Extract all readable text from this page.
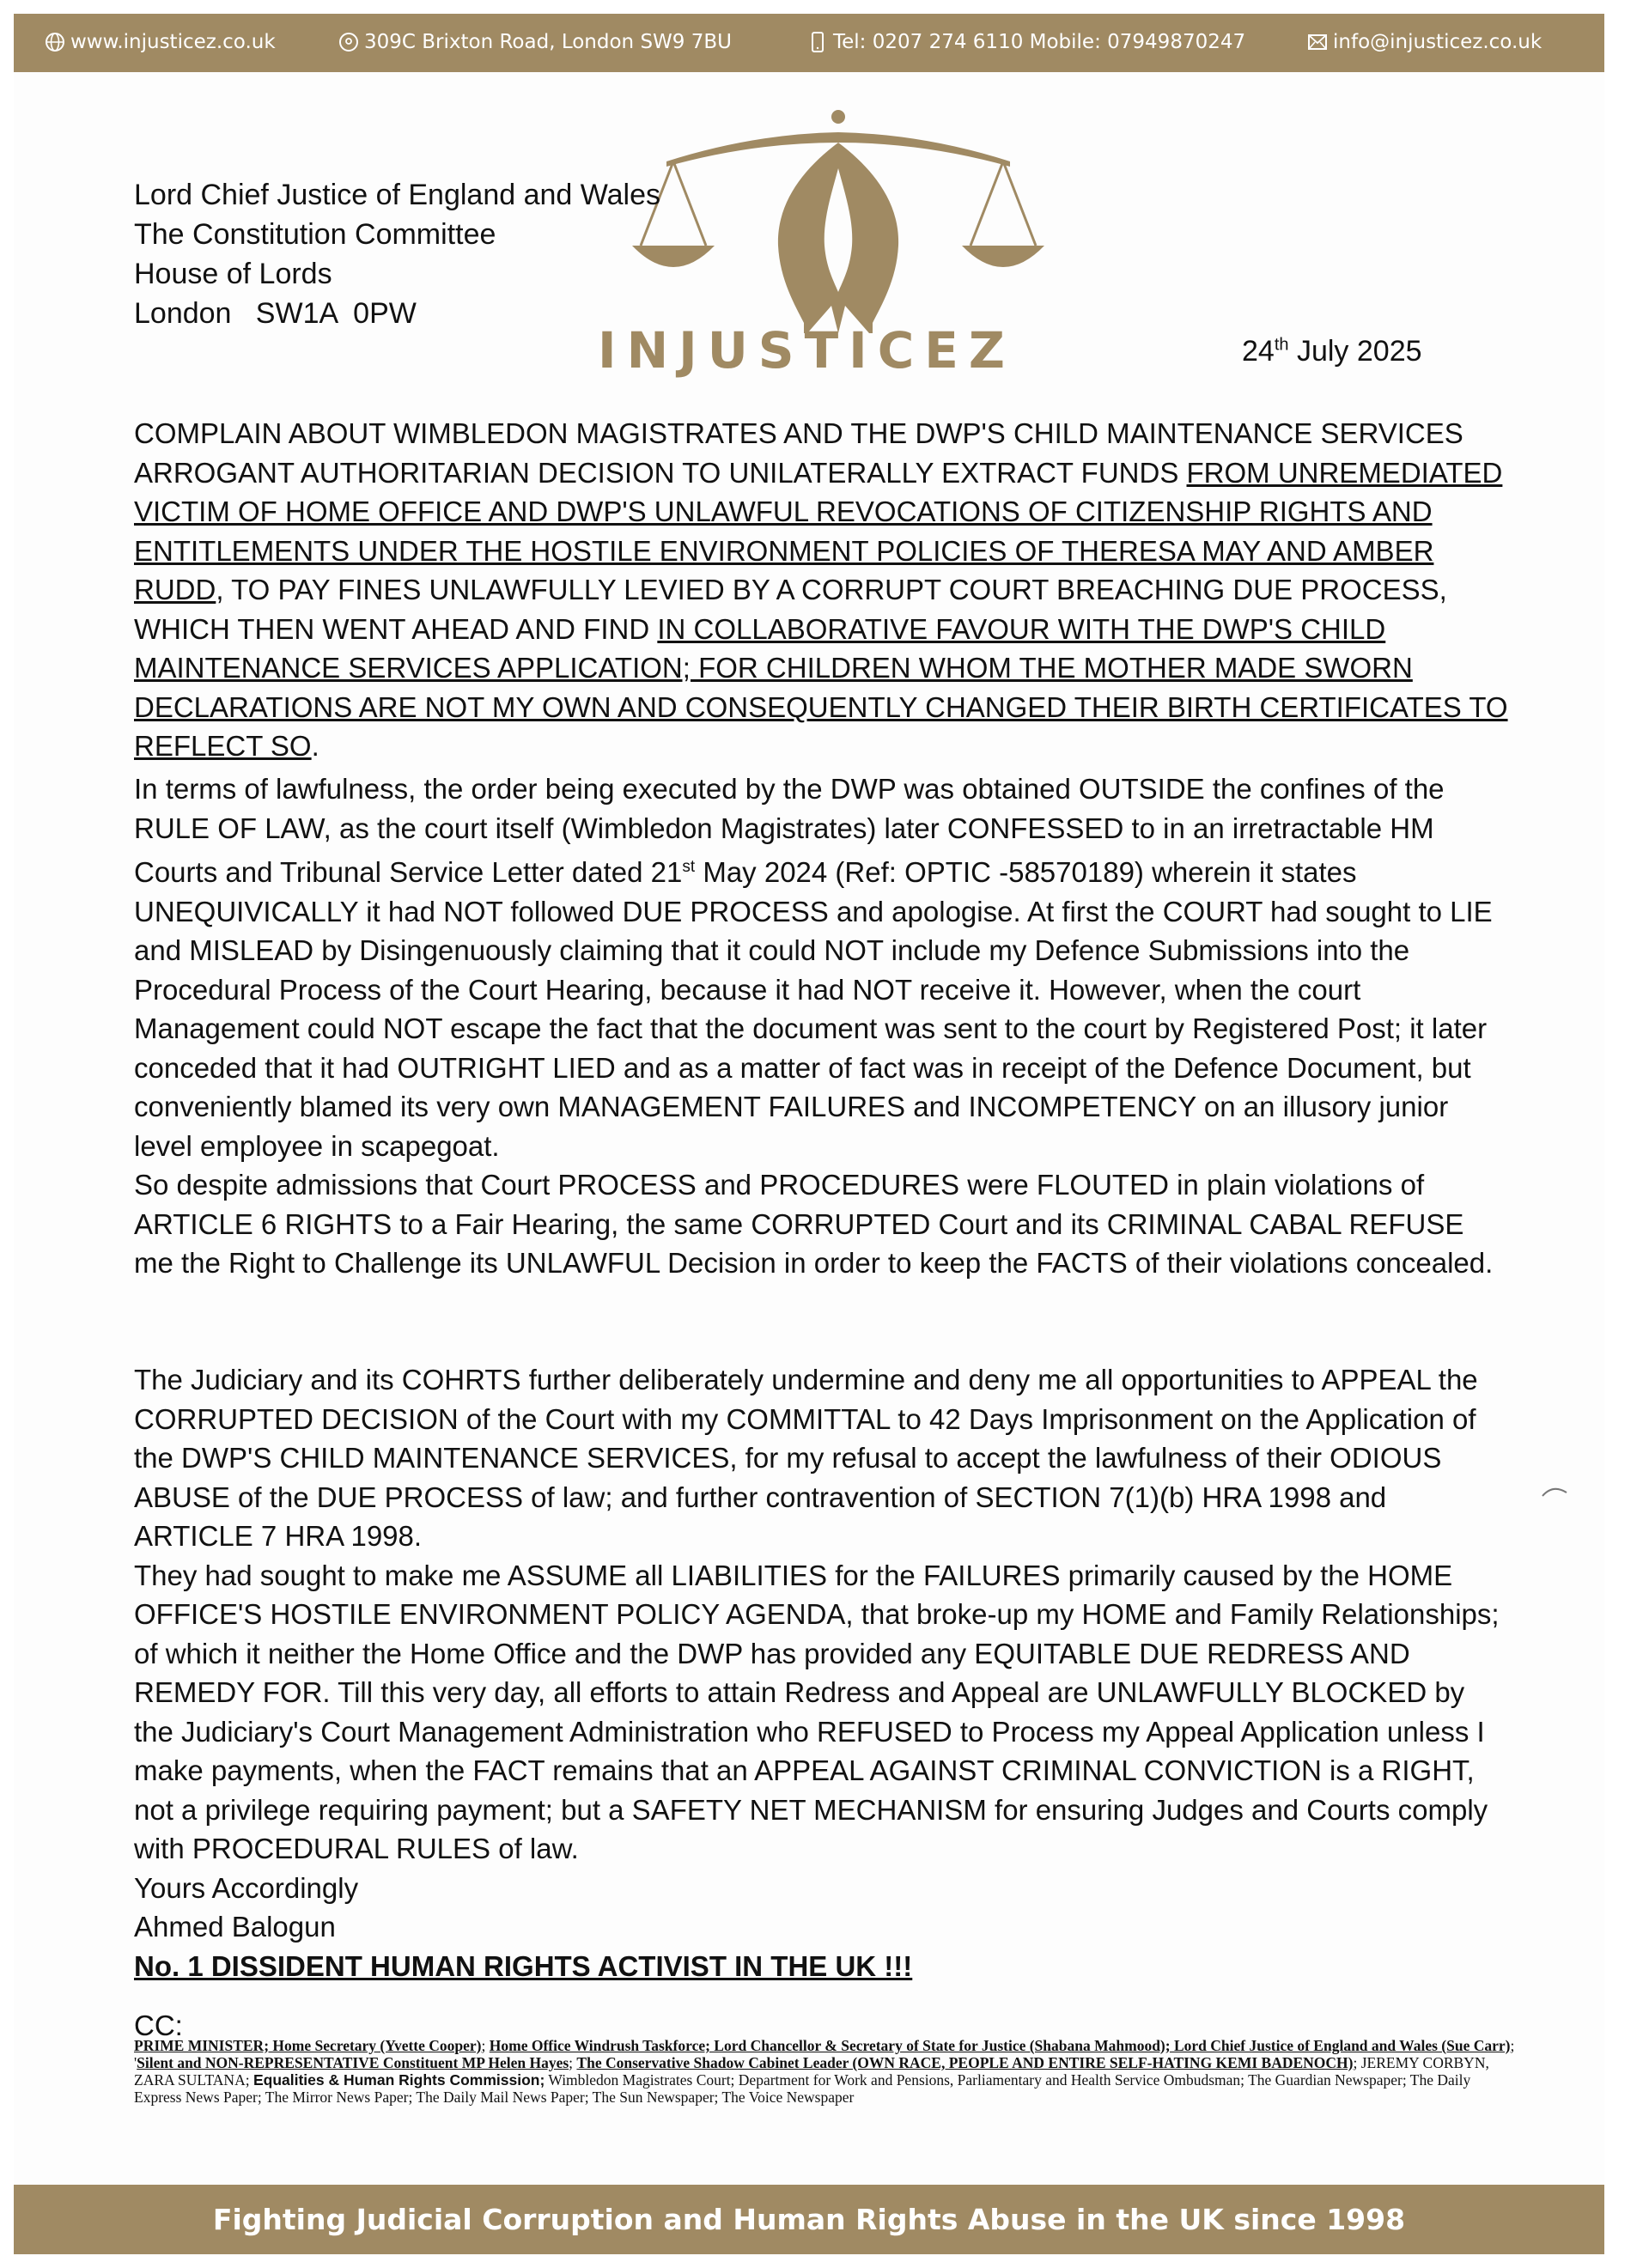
www.injusticez.co.uk	309C Brixton Road, London SW9 7BU	Tel: 0207 274 6110 Mobile: 07949870247	info@injusticez.co.uk
INJUSTICEZ
Lord Chief Justice of England and Wales
The Constitution Committee
House of Lords
London   SW1A  0PW
24th July 2025

COMPLAIN ABOUT WIMBLEDON MAGISTRATES AND THE DWP'S CHILD MAINTENANCE SERVICES ARROGANT AUTHORITARIAN DECISION TO UNILATERALLY EXTRACT FUNDS FROM UNREMEDIATED VICTIM OF HOME OFFICE AND DWP'S UNLAWFUL REVOCATIONS OF CITIZENSHIP RIGHTS AND ENTITLEMENTS UNDER THE HOSTILE ENVIRONMENT POLICIES OF THERESA MAY AND AMBER RUDD, TO PAY FINES UNLAWFULLY LEVIED BY A CORRUPT COURT BREACHING DUE PROCESS, WHICH THEN WENT AHEAD AND FIND IN COLLABORATIVE FAVOUR WITH THE DWP'S CHILD MAINTENANCE SERVICES APPLICATION; FOR CHILDREN WHOM THE MOTHER MADE SWORN DECLARATIONS ARE NOT MY OWN AND CONSEQUENTLY CHANGED THEIR BIRTH CERTIFICATES TO REFLECT SO.

In terms of lawfulness, the order being executed by the DWP was obtained OUTSIDE the confines of the RULE OF LAW, as the court itself (Wimbledon Magistrates) later CONFESSED to in an irretractable HM Courts and Tribunal Service Letter dated 21st May 2024 (Ref: OPTIC -58570189) wherein it states UNEQUIVICALLY it had NOT followed DUE PROCESS and apologise. At first the COURT had sought to LIE and MISLEAD by Disingenuously claiming that it could NOT include my Defence Submissions into the Procedural Process of the Court Hearing, because it had NOT receive it. However, when the court Management could NOT escape the fact that the document was sent to the court by Registered Post; it later conceded that it had OUTRIGHT LIED and as a matter of fact was in receipt of the Defence Document, but conveniently blamed its very own MANAGEMENT FAILURES and INCOMPETENCY on an illusory junior level employee in scapegoat.

So despite admissions that Court PROCESS and PROCEDURES were FLOUTED in plain violations of ARTICLE 6 RIGHTS to a Fair Hearing, the same CORRUPTED Court and its CRIMINAL CABAL REFUSE me the Right to Challenge its UNLAWFUL Decision in order to keep the FACTS of their violations concealed.

The Judiciary and its COHRTS further deliberately undermine and deny me all opportunities to APPEAL the CORRUPTED DECISION of the Court with my COMMITTAL to 42 Days Imprisonment on the Application of the DWP'S CHILD MAINTENANCE SERVICES, for my refusal to accept the lawfulness of their ODIOUS ABUSE of the DUE PROCESS of law; and further contravention of SECTION 7(1)(b) HRA 1998 and ARTICLE 7 HRA 1998.

They had sought to make me ASSUME all LIABILITIES for the FAILURES primarily caused by the HOME OFFICE'S HOSTILE ENVIRONMENT POLICY AGENDA, that broke-up my HOME and Family Relationships; of which it neither the Home Office and the DWP has provided any EQUITABLE DUE REDRESS AND REMEDY FOR. Till this very day, all efforts to attain Redress and Appeal are UNLAWFULLY BLOCKED by the Judiciary's Court Management Administration who REFUSED to Process my Appeal Application unless I make payments, when the FACT remains that an APPEAL AGAINST CRIMINAL CONVICTION is a RIGHT, not a privilege requiring payment; but a SAFETY NET MECHANISM for ensuring Judges and Courts comply with PROCEDURAL RULES of law.

Yours Accordingly

Ahmed Balogun

No. 1 DISSIDENT HUMAN RIGHTS ACTIVIST IN THE UK !!!

CC:
PRIME MINISTER; Home Secretary (Yvette Cooper); Home Office Windrush Taskforce; Lord Chancellor & Secretary of State for Justice (Shabana Mahmood); Lord Chief Justice of England and Wales (Sue Carr); 'Silent and NON-REPRESENTATIVE Constituent MP Helen Hayes; The Conservative Shadow Cabinet Leader (OWN RACE, PEOPLE AND ENTIRE SELF-HATING KEMI BADENOCH); JEREMY CORBYN, ZARA SULTANA; Equalities & Human Rights Commission; Wimbledon Magistrates Court; Department for Work and Pensions, Parliamentary and Health Service Ombudsman; The Guardian Newspaper; The Daily Express News Paper; The Mirror News Paper; The Daily Mail News Paper; The Sun Newspaper; The Voice Newspaper
Fighting Judicial Corruption and Human Rights Abuse in the UK since 1998
